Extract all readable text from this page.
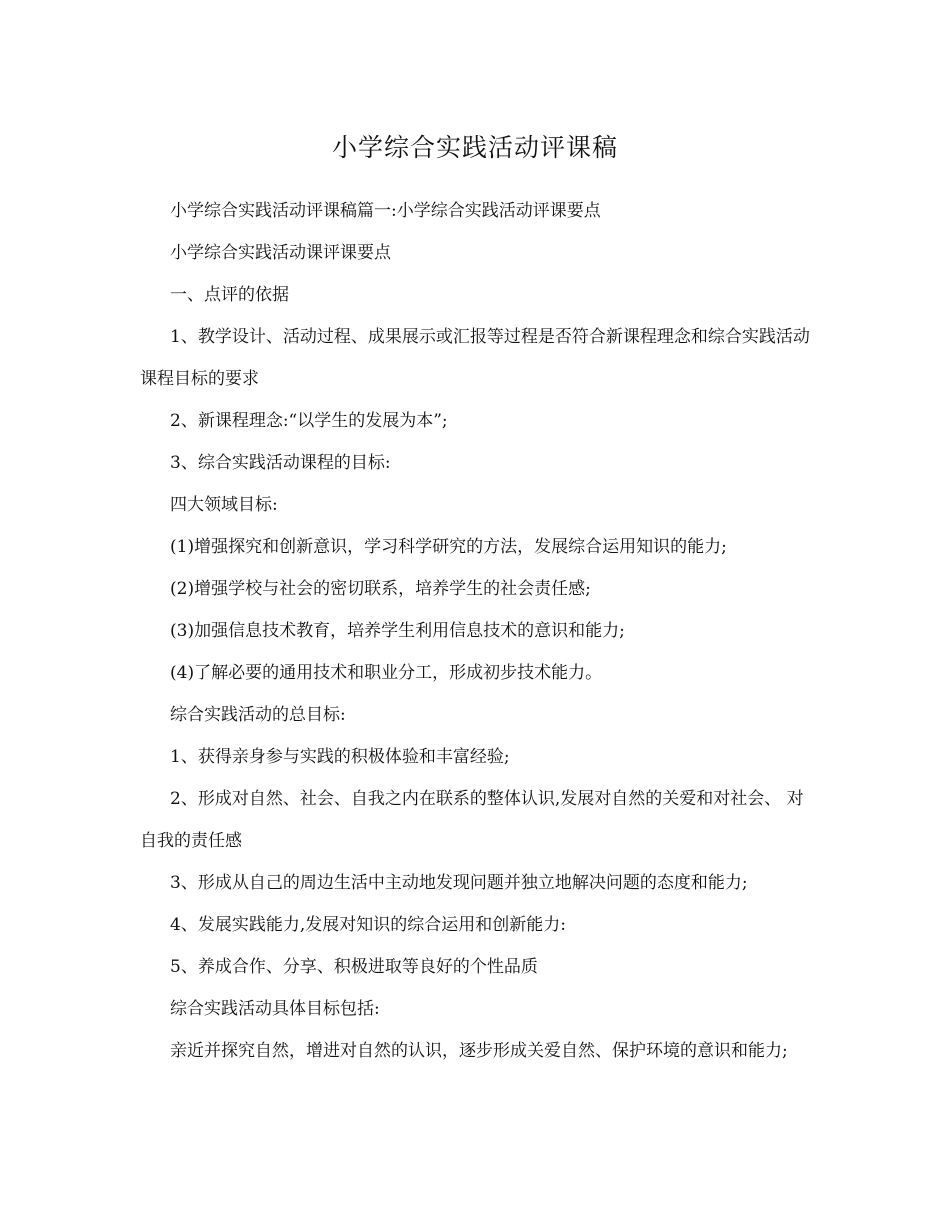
小学综合实践活动评课稿

小学综合实践活动评课稿篇一:小学综合实践活动评课要点

小学综合实践活动课评课要点

一、点评的依据

1、教学设计、活动过程、成果展示或汇报等过程是否符合新课程理念和综合实践活动课程目标的要求

2、新课程理念:“以学生的发展为本”;

3、综合实践活动课程的目标:

四大领域目标:

(1)增强探究和创新意识，学习科学研究的方法，发展综合运用知识的能力;

(2)增强学校与社会的密切联系，培养学生的社会责任感;

(3)加强信息技术教育，培养学生利用信息技术的意识和能力;

(4)了解必要的通用技术和职业分工，形成初步技术能力。

综合实践活动的总目标:

1、获得亲身参与实践的积极体验和丰富经验;

2、形成对自然、社会、自我之内在联系的整体认识,发展对自然的关爱和对社会、 对自我的责任感

3、形成从自己的周边生活中主动地发现问题并独立地解决问题的态度和能力;

4、发展实践能力,发展对知识的综合运用和创新能力:

5、养成合作、分享、积极进取等良好的个性品质

综合实践活动具体目标包括:

亲近并探究自然，增进对自然的认识，逐步形成关爱自然、保护环境的意识和能力;
